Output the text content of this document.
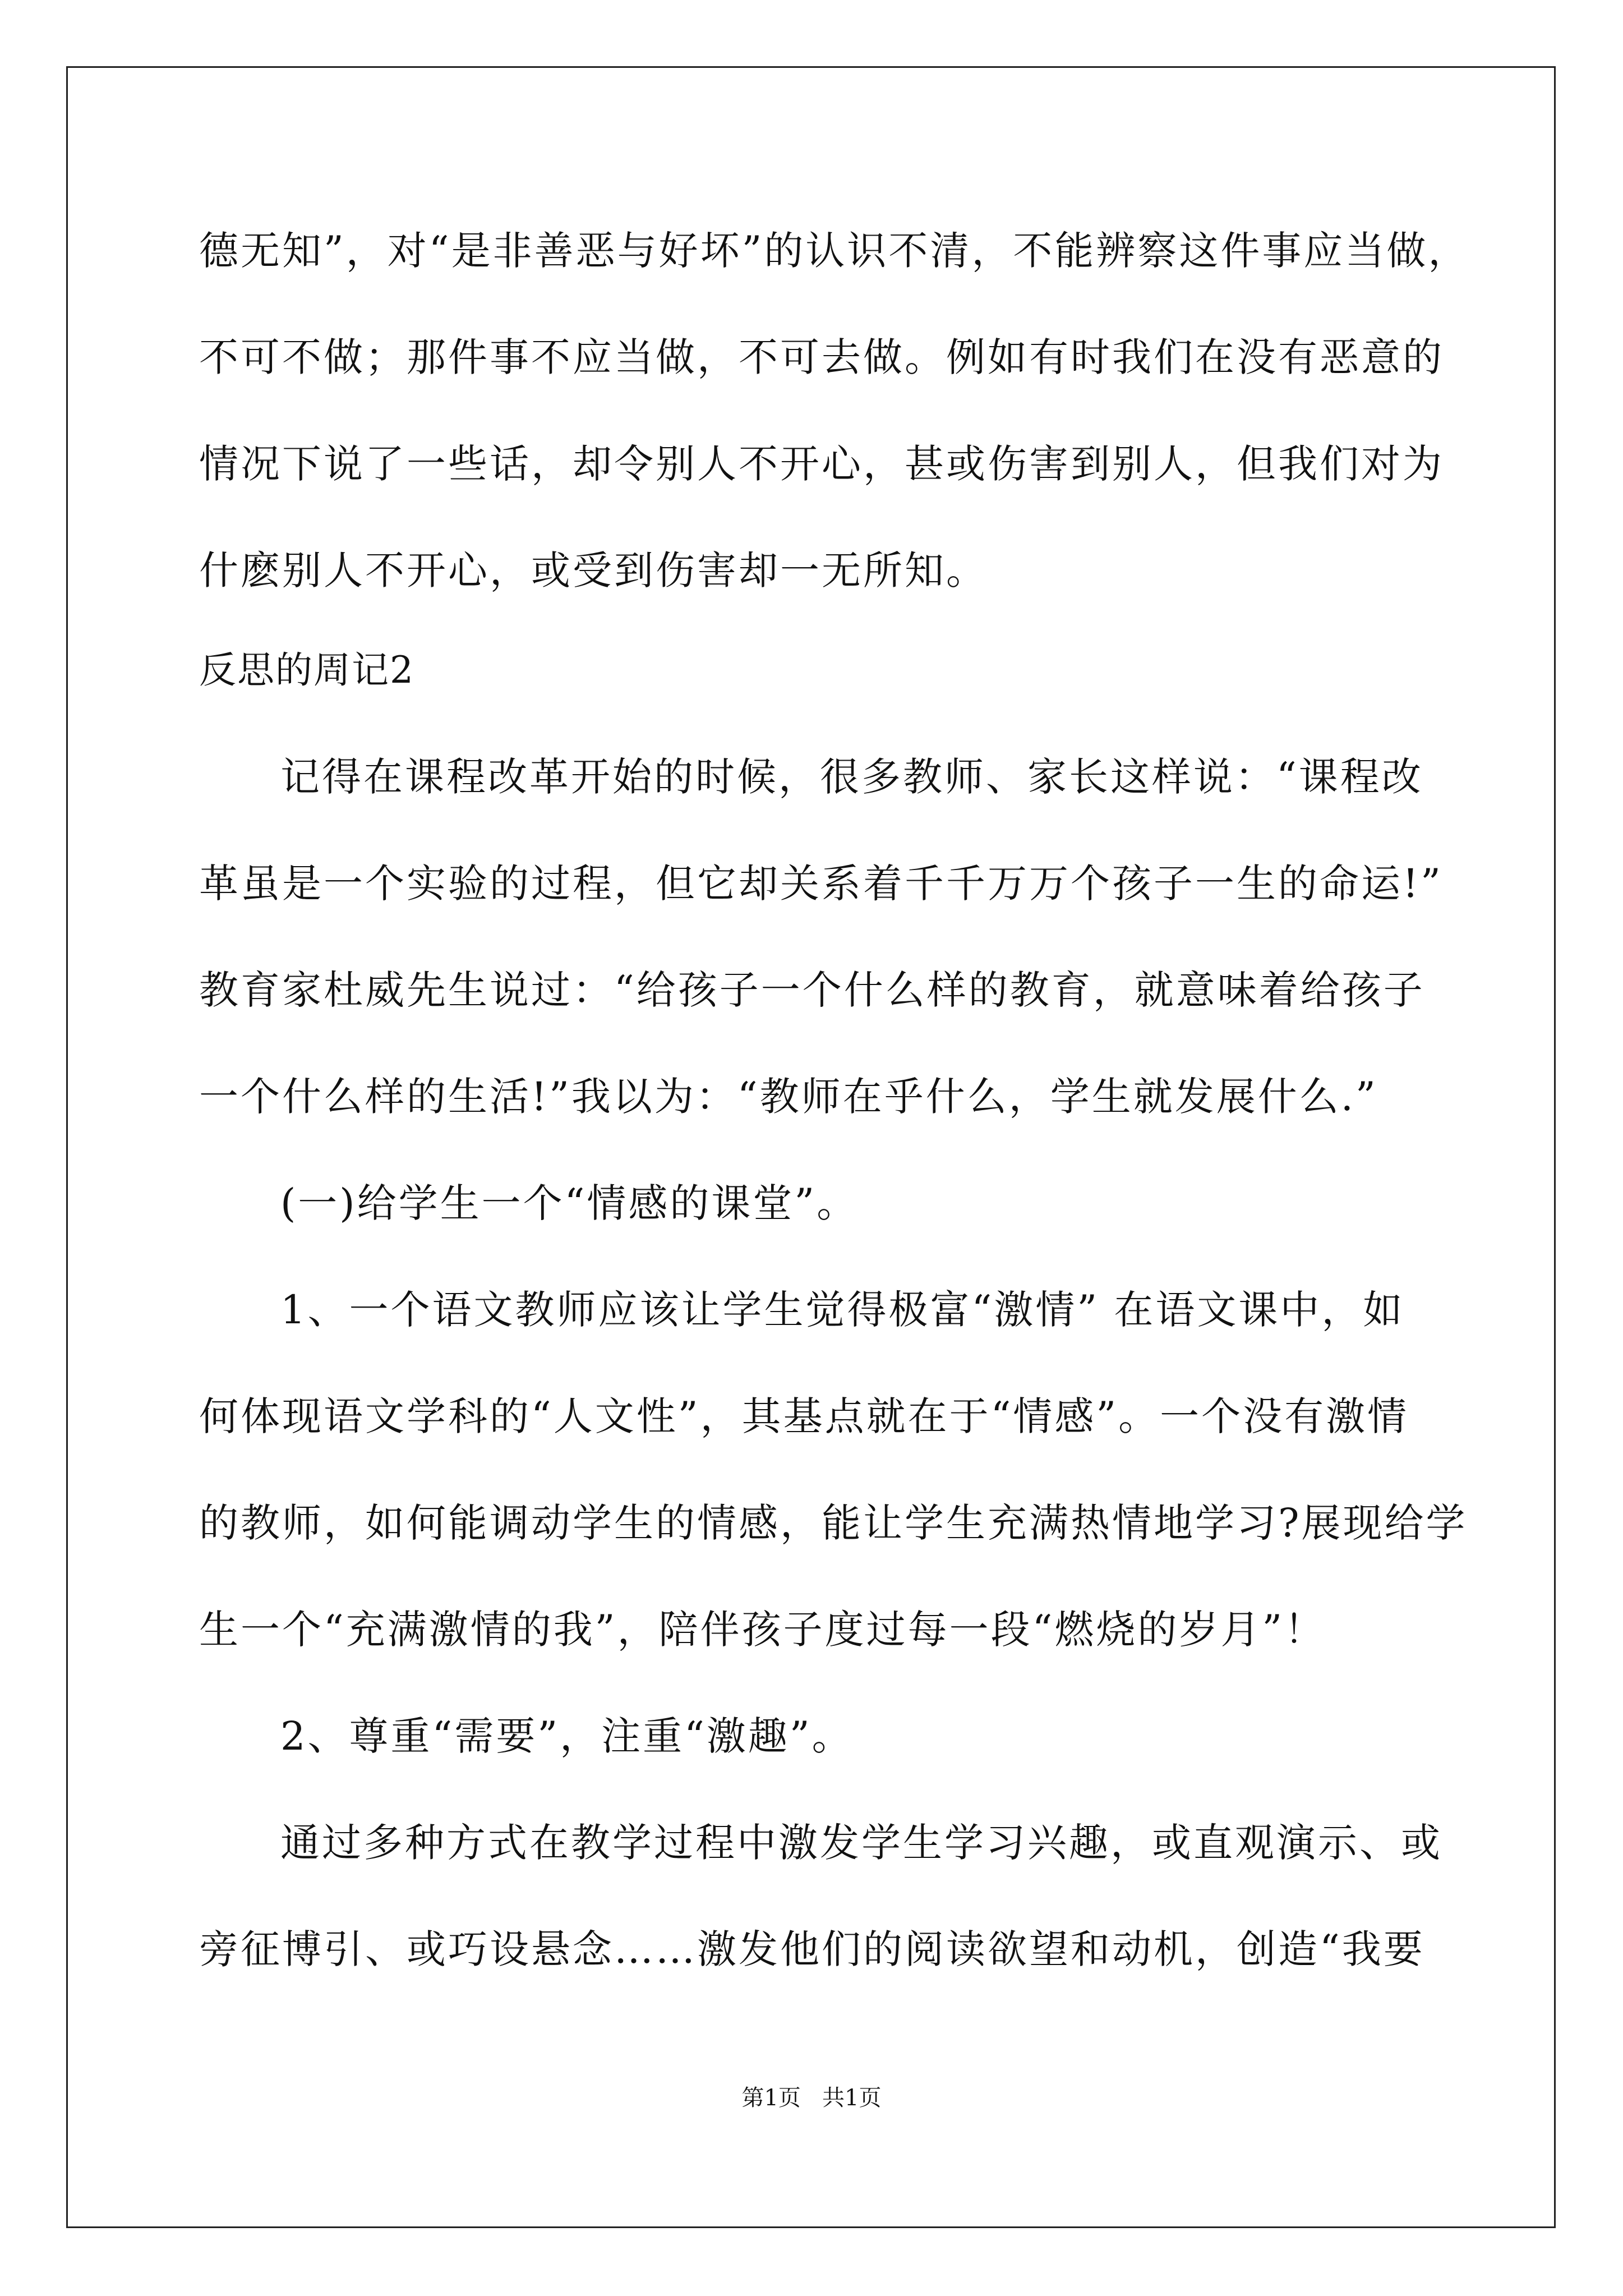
德无知”，对“是非善恶与好坏”的认识不清，不能辨察这件事应当做，
不可不做；那件事不应当做，不可去做。例如有时我们在没有恶意的
情况下说了一些话，却令别人不开心，甚或伤害到别人，但我们对为
什麽别人不开心，或受到伤害却一无所知。
反思的周记2
记得在课程改革开始的时候，很多教师、家长这样说：“课程改
革虽是一个实验的过程，但它却关系着千千万万个孩子一生的命运!”
教育家杜威先生说过：“给孩子一个什么样的教育，就意味着给孩子
一个什么样的生活!”我以为：“教师在乎什么，学生就发展什么.”
(一)给学生一个“情感的课堂”。
1、一个语文教师应该让学生觉得极富“激情” 在语文课中，如
何体现语文学科的“人文性”，其基点就在于“情感”。一个没有激情
的教师，如何能调动学生的情感，能让学生充满热情地学习?展现给学
生一个“充满激情的我”，陪伴孩子度过每一段“燃烧的岁月”！
2、尊重“需要”，注重“激趣”。
通过多种方式在教学过程中激发学生学习兴趣，或直观演示、或
旁征博引、或巧设悬念……激发他们的阅读欲望和动机，创造“我要
第1页   共1页
